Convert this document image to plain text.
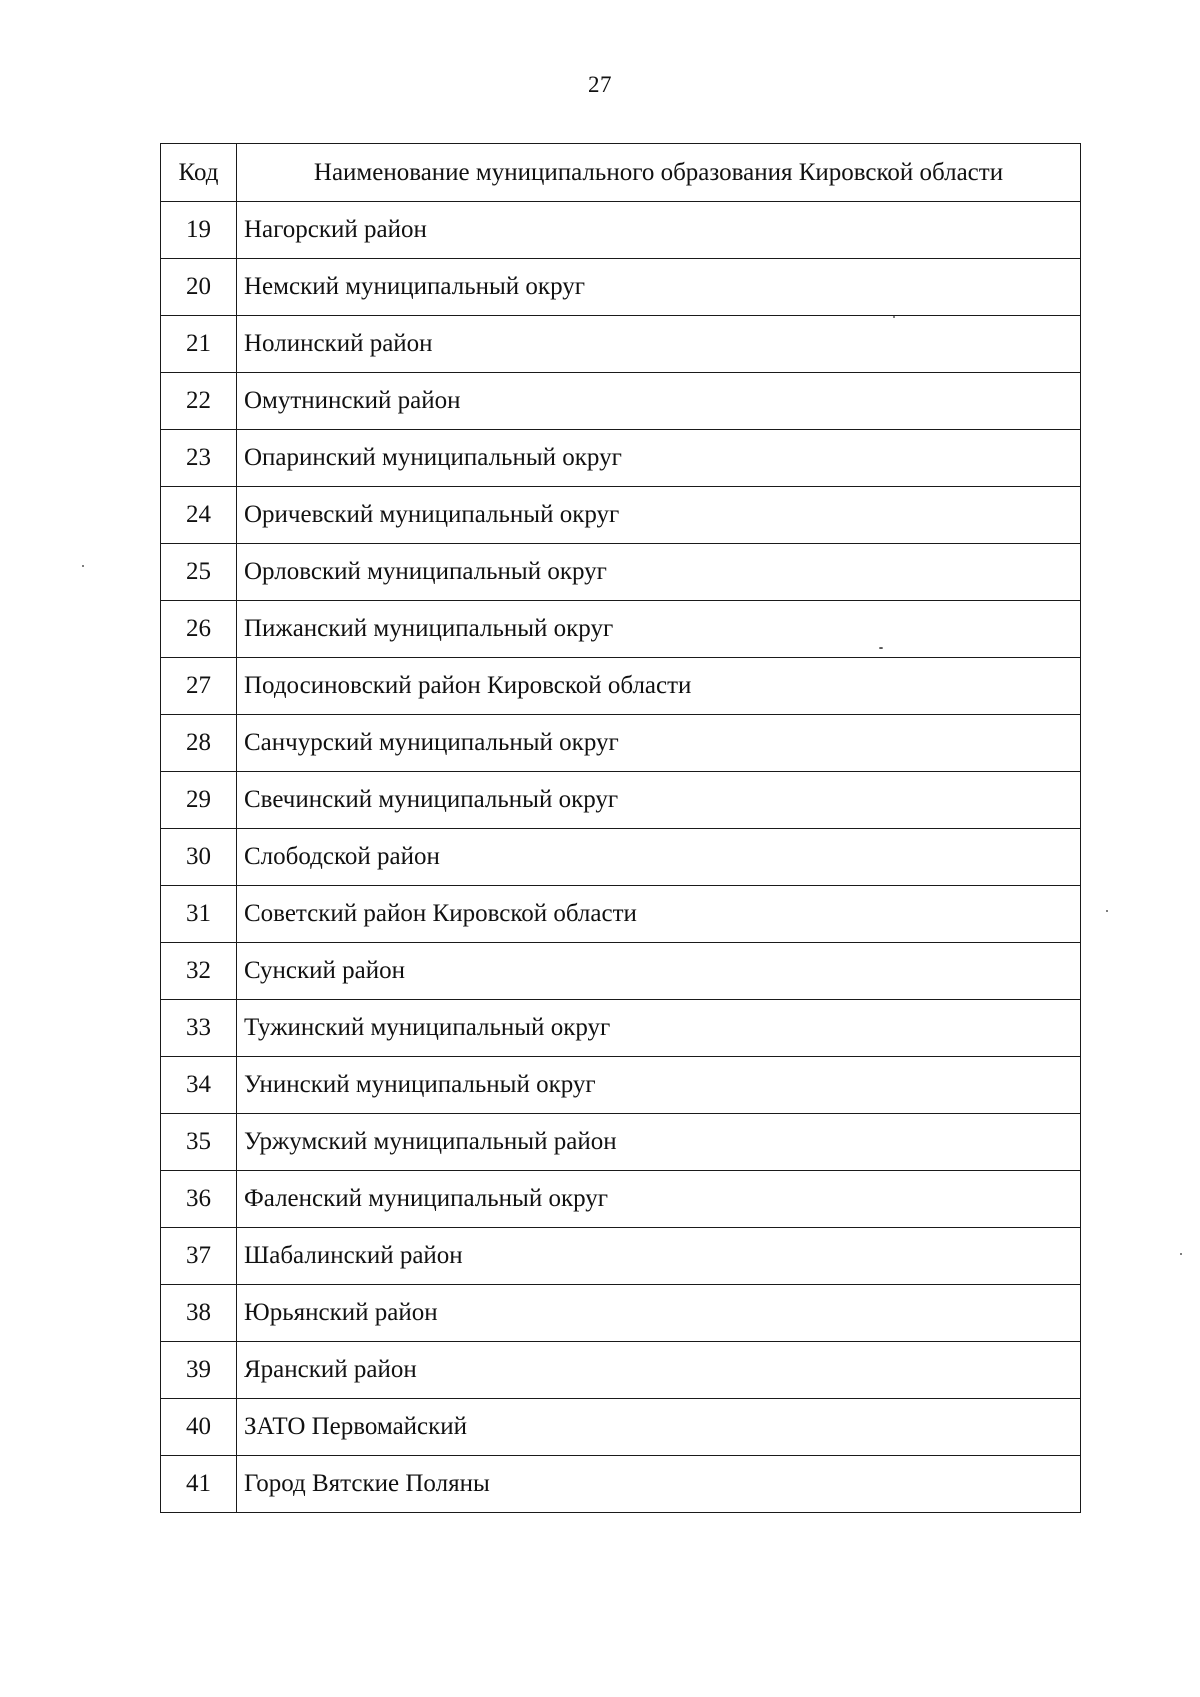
27
Код	Наименование муниципального образования Кировской области
19	Нагорский район
20	Немский муниципальный округ
21	Нолинский район
22	Омутнинский район
23	Опаринский муниципальный округ
24	Оричевский муниципальный округ
25	Орловский муниципальный округ
26	Пижанский муниципальный округ
27	Подосиновский район Кировской области
28	Санчурский муниципальный округ
29	Свечинский муниципальный округ
30	Слободской район
31	Советский район Кировской области
32	Сунский район
33	Тужинский муниципальный округ
34	Унинский муниципальный округ
35	Уржумский муниципальный район
36	Фаленский муниципальный округ
37	Шабалинский район
38	Юрьянский район
39	Яранский район
40	ЗАТО Первомайский
41	Город Вятские Поляны
